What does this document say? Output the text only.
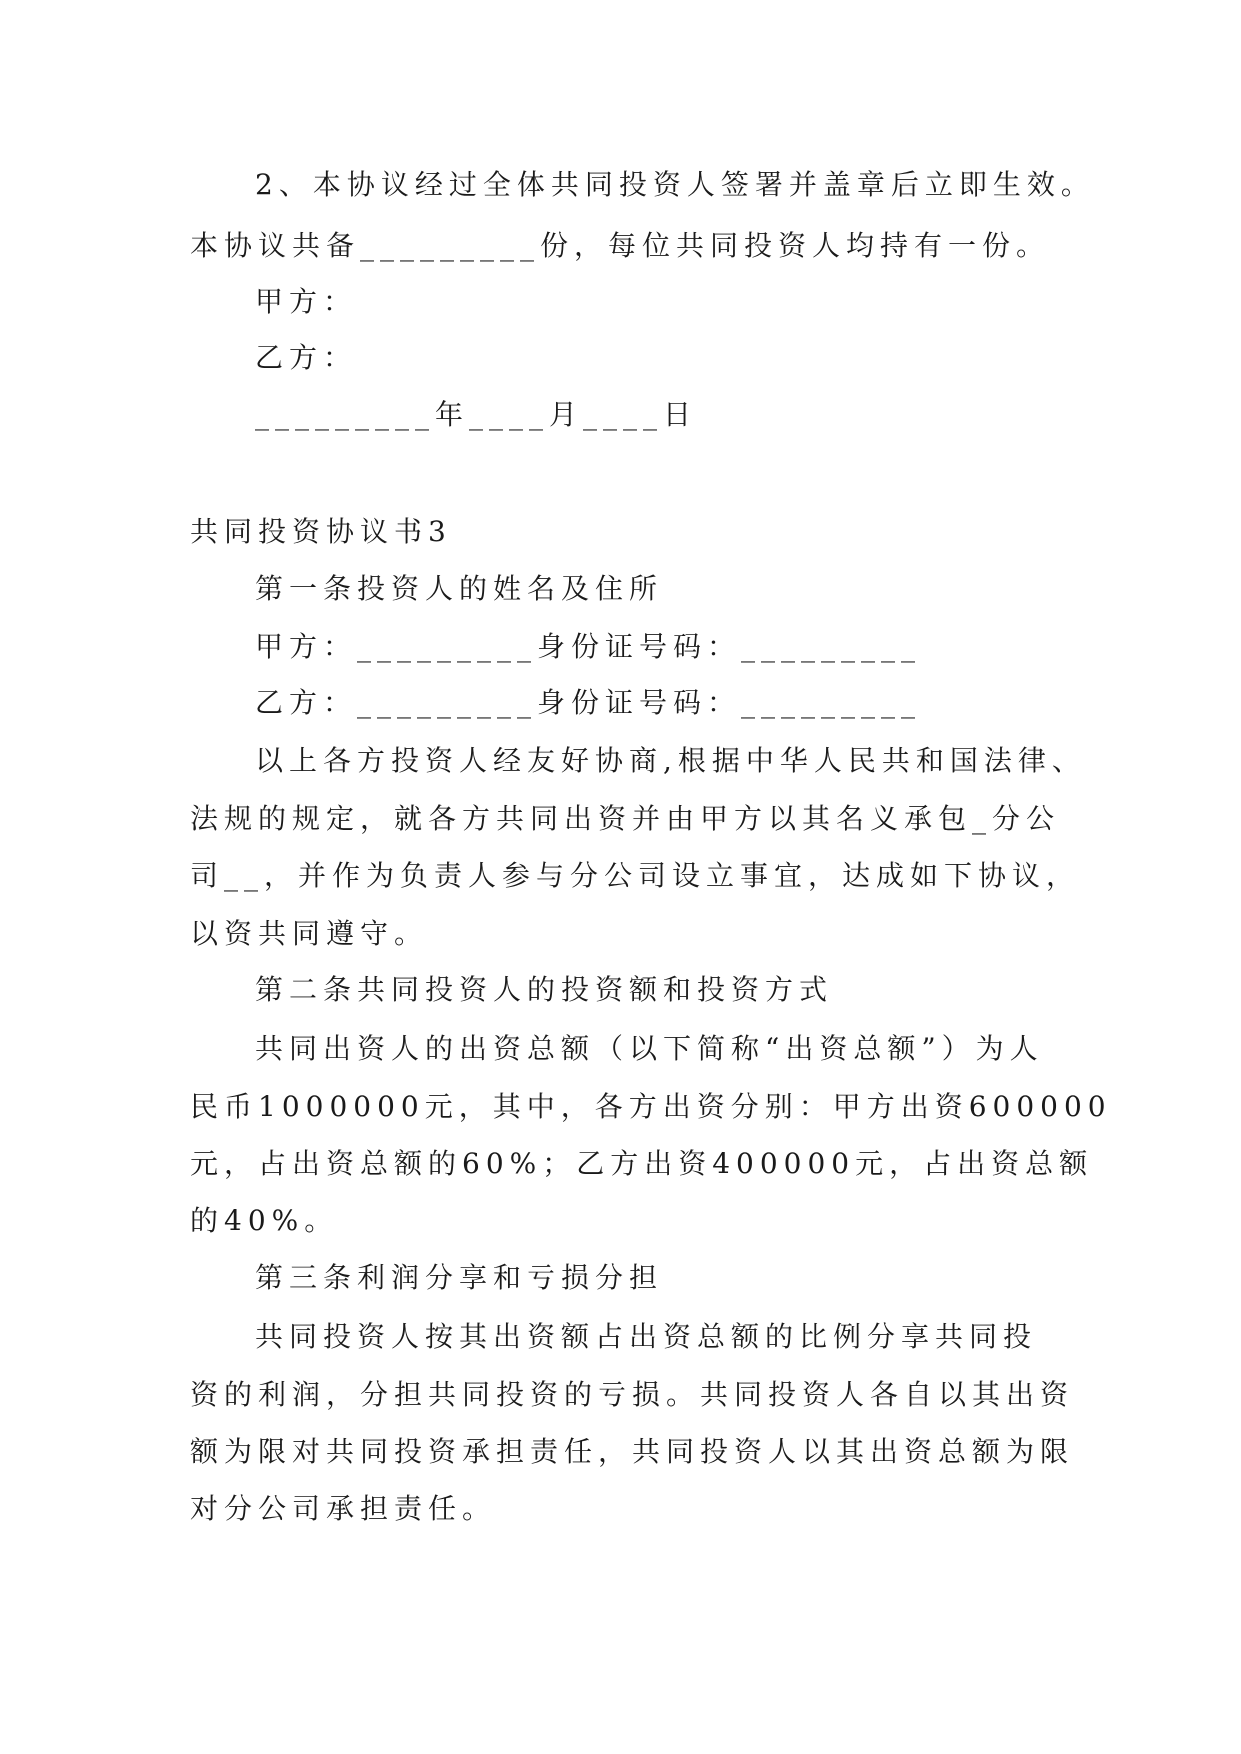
2、本协议经过全体共同投资人签署并盖章后立即生效。
本协议共备_________份，每位共同投资人均持有一份。
甲方：
乙方：
_________年____月____日
共同投资协议书3
第一条投资人的姓名及住所
甲方：_________身份证号码：_________
乙方：_________身份证号码：_________
以上各方投资人经友好协商,根据中华人民共和国法律、
法规的规定，就各方共同出资并由甲方以其名义承包_分公
司__，并作为负责人参与分公司设立事宜，达成如下协议，
以资共同遵守。
第二条共同投资人的投资额和投资方式
共同出资人的出资总额（以下简称“出资总额”）为人
民币1000000元，其中，各方出资分别：甲方出资600000
元，占出资总额的60%；乙方出资400000元，占出资总额
的40%。
第三条利润分享和亏损分担
共同投资人按其出资额占出资总额的比例分享共同投
资的利润，分担共同投资的亏损。共同投资人各自以其出资
额为限对共同投资承担责任，共同投资人以其出资总额为限
对分公司承担责任。
